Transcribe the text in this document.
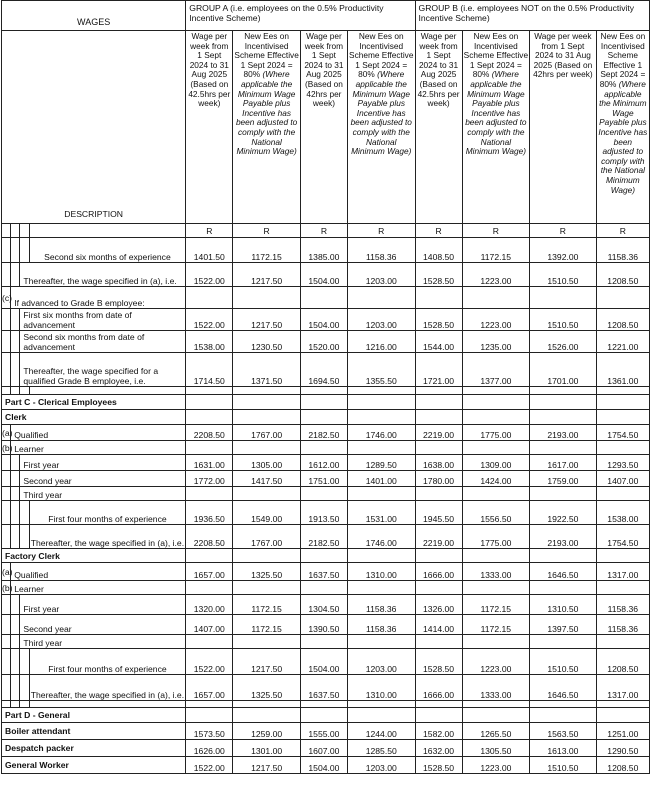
WAGES				GROUP A (i.e. employees on the 0.5% Productivity Incentive Scheme)				GROUP B (i.e. employees NOT on the 0.5% Productivity Incentive Scheme)			
DESCRIPTION				Wage per week from 1 Sept 2024 to 31 Aug 2025 (Based on 42.5hrs per week)	New Ees on Incentivised Scheme Effective 1 Sept 2024 = 80% (Where applicable the Minimum Wage Payable plus Incentive has been adjusted to comply with the National Minimum Wage)	Wage per week from 1 Sept 2024 to 31 Aug 2025 (Based on 42hrs per week)	New Ees on Incentivised Scheme Effective 1 Sept 2024 = 80% (Where applicable the Minimum Wage Payable plus Incentive has been adjusted to comply with the National Minimum Wage)	Wage per week from 1 Sept 2024 to 31 Aug 2025 (Based on 42.5hrs per week)	New Ees on Incentivised Scheme Effective 1 Sept 2024 = 80% (Where applicable the Minimum Wage Payable plus Incentive has been adjusted to comply with the National Minimum Wage)	Wage per week from 1 Sept 2024 to 31 Aug 2025 (Based on 42hrs per week)	New Ees on Incentivised Scheme Effective 1 Sept 2024 = 80% (Where applicable the Minimum Wage Payable plus Incentive has been adjusted to comply with the National Minimum Wage)
				R	R	R	R	R	R	R	R
			Second six months of experience	1401.50	1172.15	1385.00	1158.36	1408.50	1172.15	1392.00	1158.36
		Thereafter, the wage specified in (a), i.e.		1522.00	1217.50	1504.00	1203.00	1528.50	1223.00	1510.50	1208.50
(c)	If advanced to Grade B employee:										
		First six months from date of advancement		1522.00	1217.50	1504.00	1203.00	1528.50	1223.00	1510.50	1208.50
		Second six months from date of advancement		1538.00	1230.50	1520.00	1216.00	1544.00	1235.00	1526.00	1221.00
		Thereafter, the wage specified for a qualified Grade B employee, i.e.		1714.50	1371.50	1694.50	1355.50	1721.00	1377.00	1701.00	1361.00

Part C - Clerical Employees											
Clerk											
(a)	Qualified			2208.50	1767.00	2182.50	1746.00	2219.00	1775.00	2193.00	1754.50
(b)	Learner										
		First year		1631.00	1305.00	1612.00	1289.50	1638.00	1309.00	1617.00	1293.50
		Second year		1772.00	1417.50	1751.00	1401.00	1780.00	1424.00	1759.00	1407.00
		Third year									
			First four months of experience	1936.50	1549.00	1913.50	1531.00	1945.50	1556.50	1922.50	1538.00
			Thereafter, the wage specified in (a), i.e.	2208.50	1767.00	2182.50	1746.00	2219.00	1775.00	2193.00	1754.50
Factory Clerk											
(a)	Qualified			1657.00	1325.50	1637.50	1310.00	1666.00	1333.00	1646.50	1317.00
(b)	Learner										
		First year		1320.00	1172.15	1304.50	1158.36	1326.00	1172.15	1310.50	1158.36
		Second year		1407.00	1172.15	1390.50	1158.36	1414.00	1172.15	1397.50	1158.36
		Third year									
			First four months of experience	1522.00	1217.50	1504.00	1203.00	1528.50	1223.00	1510.50	1208.50
			Thereafter, the wage specified in (a), i.e.	1657.00	1325.50	1637.50	1310.00	1666.00	1333.00	1646.50	1317.00

Part D - General											
Boiler attendant				1573.50	1259.00	1555.00	1244.00	1582.00	1265.50	1563.50	1251.00
Despatch packer				1626.00	1301.00	1607.00	1285.50	1632.00	1305.50	1613.00	1290.50
General Worker				1522.00	1217.50	1504.00	1203.00	1528.50	1223.00	1510.50	1208.50
